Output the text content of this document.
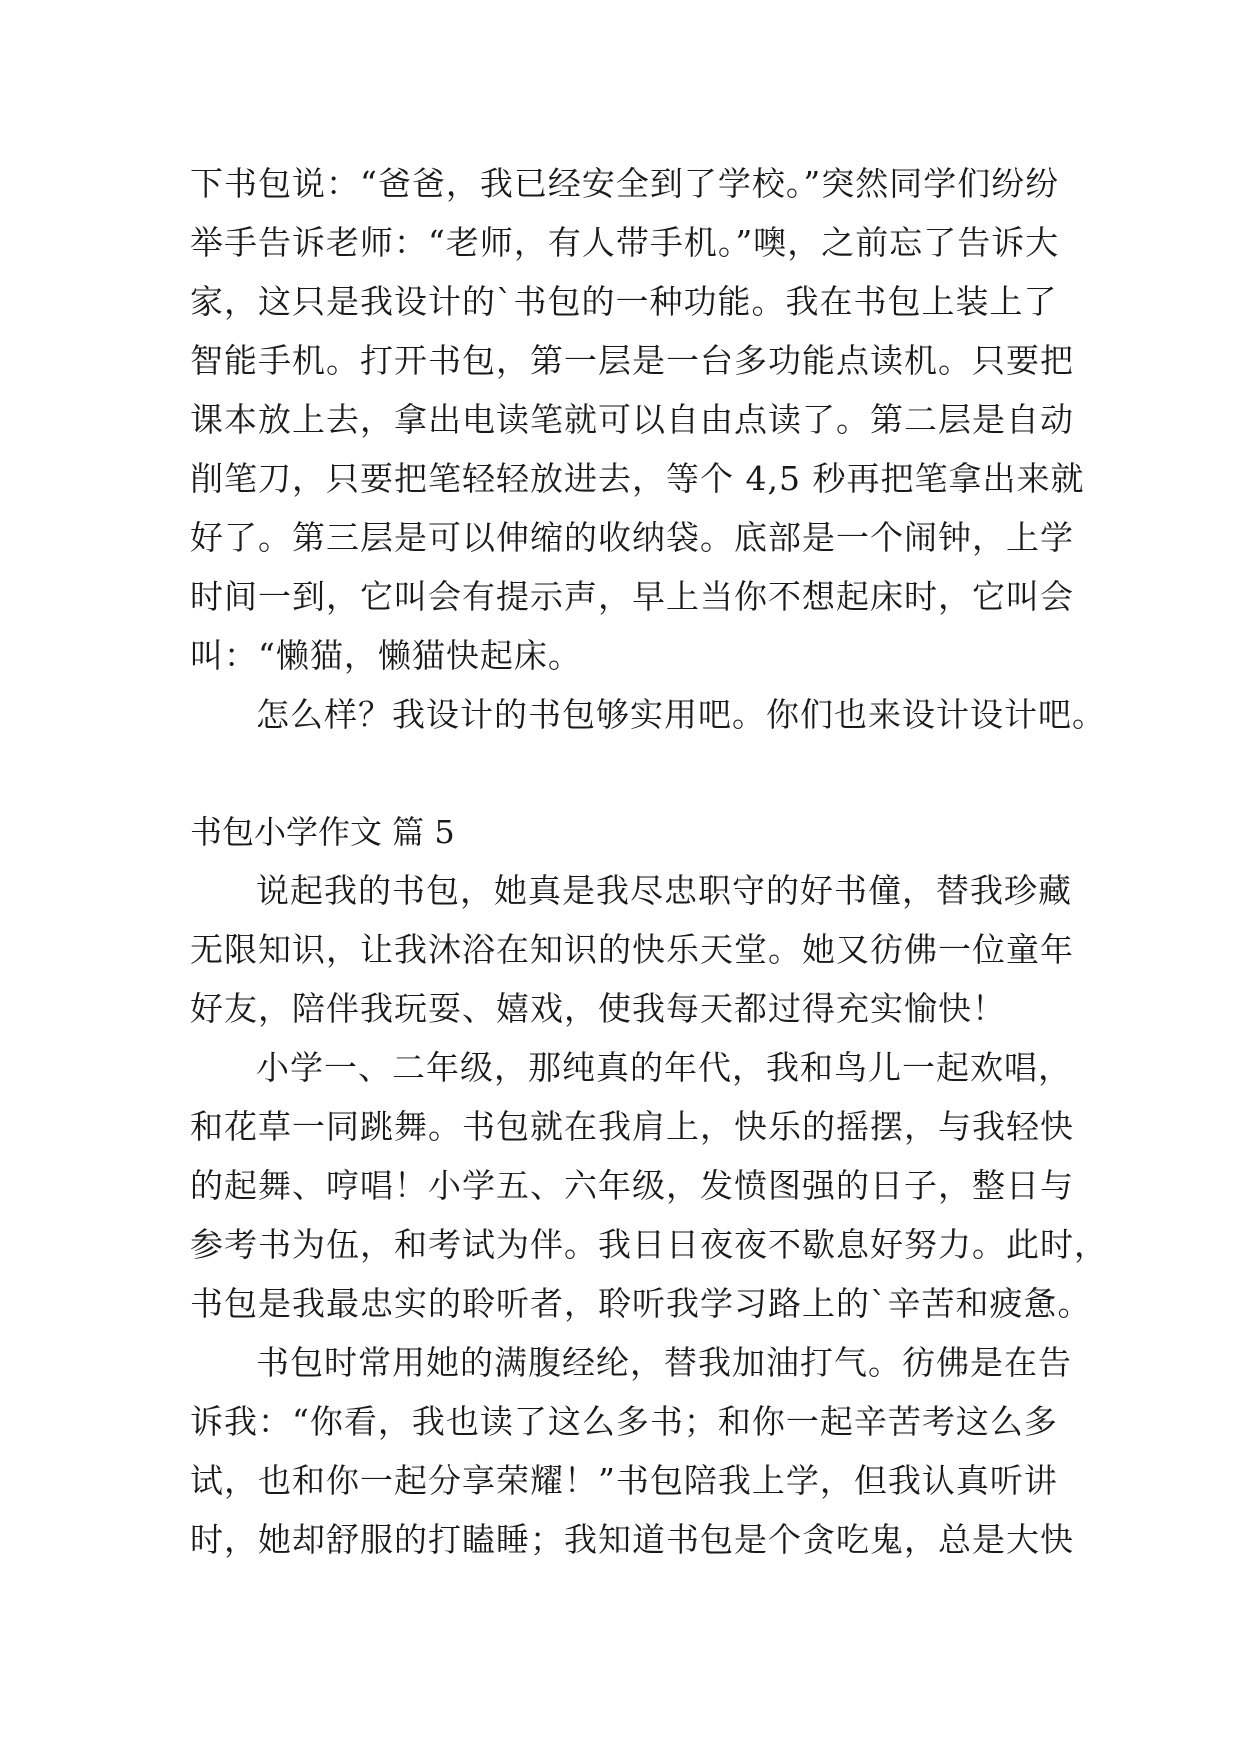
下书包说：“爸爸，我已经安全到了学校。”突然同学们纷纷
举手告诉老师：“老师，有人带手机。”噢，之前忘了告诉大
家，这只是我设计的`书包的一种功能。我在书包上装上了
智能手机。打开书包，第一层是一台多功能点读机。只要把
课本放上去，拿出电读笔就可以自由点读了。第二层是自动
削笔刀，只要把笔轻轻放进去，等个 4,5 秒再把笔拿出来就
好了。第三层是可以伸缩的收纳袋。底部是一个闹钟，上学
时间一到，它叫会有提示声，早上当你不想起床时，它叫会
叫：“懒猫，懒猫快起床。
怎么样？我设计的书包够实用吧。你们也来设计设计吧。
书包小学作文 篇 5
说起我的书包，她真是我尽忠职守的好书僮，替我珍藏
无限知识，让我沐浴在知识的快乐天堂。她又彷佛一位童年
好友，陪伴我玩耍、嬉戏，使我每天都过得充实愉快！
小学一、二年级，那纯真的年代，我和鸟儿一起欢唱，
和花草一同跳舞。书包就在我肩上，快乐的摇摆，与我轻快
的起舞、哼唱！小学五、六年级，发愤图强的日子，整日与
参考书为伍，和考试为伴。我日日夜夜不歇息好努力。此时，
书包是我最忠实的聆听者，聆听我学习路上的`辛苦和疲惫。
书包时常用她的满腹经纶，替我加油打气。彷佛是在告
诉我：“你看，我也读了这么多书；和你一起辛苦考这么多
试，也和你一起分享荣耀！”书包陪我上学，但我认真听讲
时，她却舒服的打瞌睡；我知道书包是个贪吃鬼，总是大快
